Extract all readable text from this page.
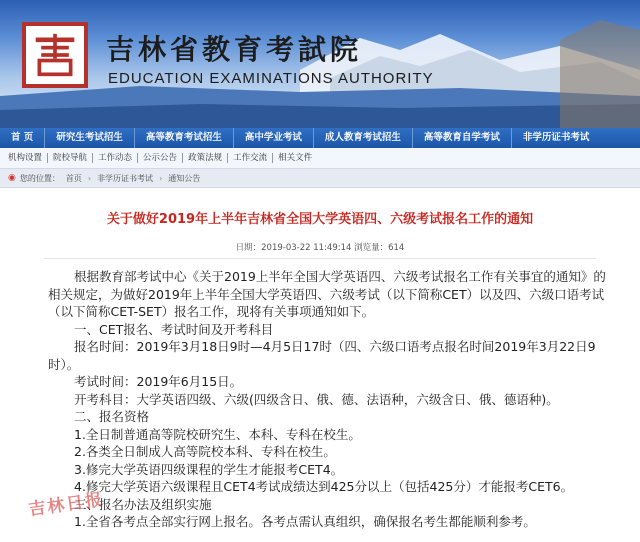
吉林省教育考試院
EDUCATION EXAMINATIONS AUTHORITY
首 页	研究生考试招生	高等教育考试招生	高中学业考试	成人教育考试招生	高等教育自学考试	非学历证书考试
机构设置	院校导航	工作动态	公示公告	政策法规	工作交流	相关文件
◉ 您的位置： 首页 › 非学历证书考试 › 通知公告
关于做好2019年上半年吉林省全国大学英语四、六级考试报名工作的通知
日期：2019-03-22 11:49:14 浏览量：614

根据教育部考试中心《关于2019上半年全国大学英语四、六级考试报名工作有关事宜的通知》的相关规定，为做好2019年上半年全国大学英语四、六级考试（以下简称CET）以及四、六级口语考试（以下简称CET-SET）报名工作，现将有关事项通知如下。

一、CET报名、考试时间及开考科目

报名时间：2019年3月18日9时—4月5日17时（四、六级口语考点报名时间2019年3月22日9时）。

考试时间：2019年6月15日。

开考科目：大学英语四级、六级(四级含日、俄、德、法语种，六级含日、俄、德语种)。

二、报名资格

1.全日制普通高等院校研究生、本科、专科在校生。

2.各类全日制成人高等院校本科、专科在校生。

3.修完大学英语四级课程的学生才能报考CET4。

4.修完大学英语六级课程且CET4考试成绩达到425分以上（包括425分）才能报考CET6。

三、报名办法及组织实施

1.全省各考点全部实行网上报名。各考点需认真组织，确保报名考生都能顺利参考。

吉林日报
